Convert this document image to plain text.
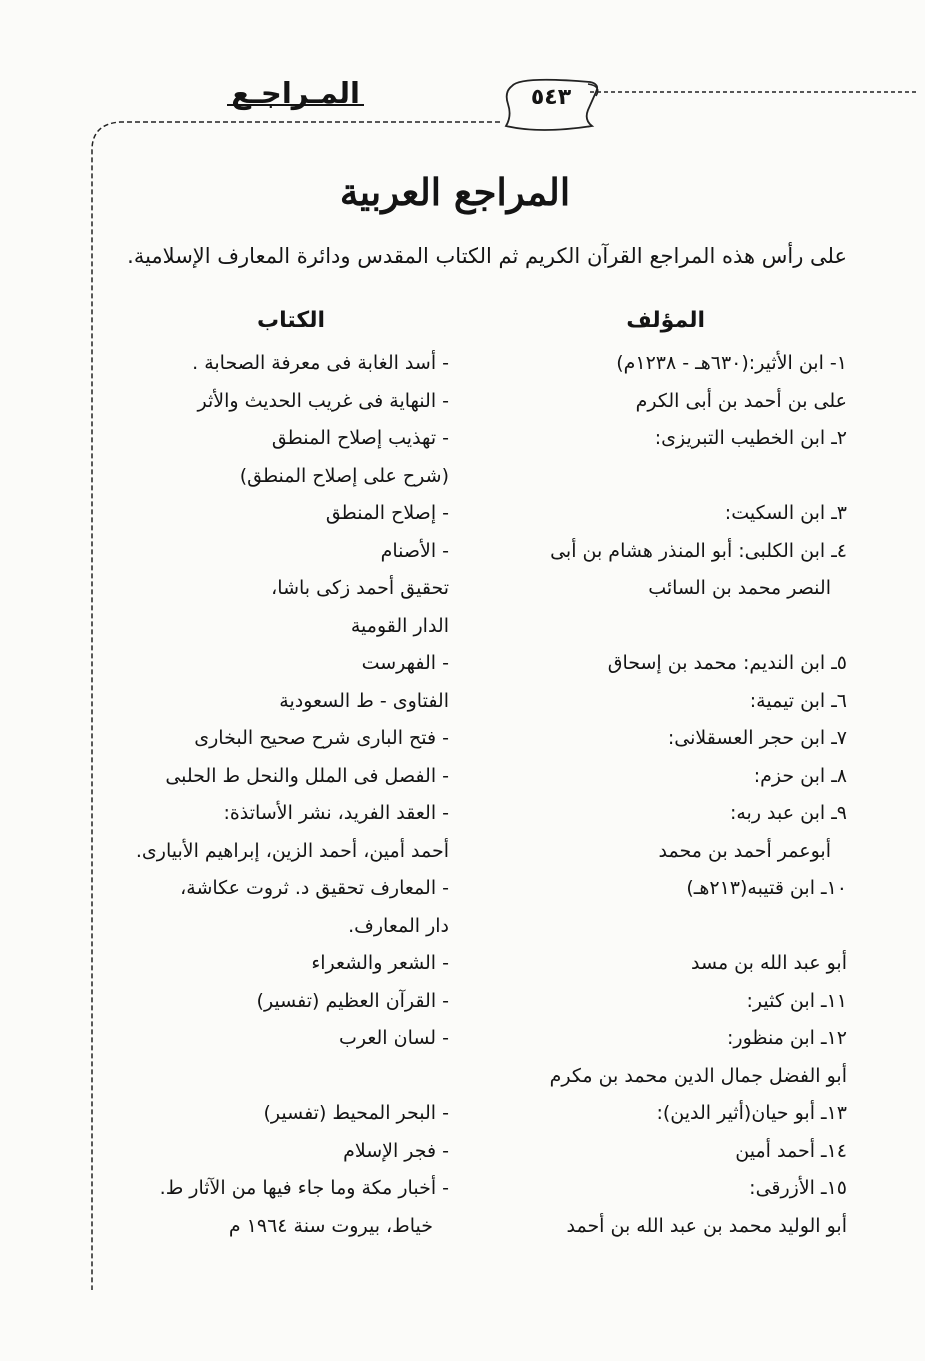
المـراجـع	٥٤٣
المراجع العربية
على رأس هذه المراجع القرآن الكريم ثم الكتاب المقدس ودائرة المعارف الإسلامية.
المؤلف
الكتاب
١- ابن الأثير:(٦٣٠هـ - ١٢٣٨م)
على بن أحمد بن أبى الكرم
٢ـ ابن الخطيب التبريزى:
٣ـ ابن السكيت:
٤ـ ابن الكلبى: أبو المنذر هشام بن أبى
النصر محمد بن السائب
٥ـ ابن النديم: محمد بن إسحاق
٦ـ ابن تيمية:
٧ـ ابن حجر العسقلانى:
٨ـ ابن حزم:
٩ـ ابن عبد ربه:
أبوعمر أحمد بن محمد
١٠ـ ابن قتيبه(٢١٣هـ)
أبو عبد الله بن مسد
١١ـ ابن كثير:
١٢ـ ابن منظور:
أبو الفضل جمال الدين محمد بن مكرم
١٣ـ أبو حيان(أثير الدين):
١٤ـ أحمد أمين
١٥ـ الأزرقى:
أبو الوليد محمد بن عبد الله بن أحمد
- أسد الغابة فى معرفة الصحابة .
- النهاية فى غريب الحديث والأثر
- تهذيب إصلاح المنطق
(شرح على إصلاح المنطق)
- إصلاح المنطق
- الأصنام
تحقيق أحمد زكى باشا،
الدار القومية
- الفهرست
الفتاوى - ط السعودية
- فتح البارى شرح صحيح البخارى
- الفصل فى الملل والنحل ط الحلبى
- العقد الفريد، نشر الأساتذة:
أحمد أمين، أحمد الزين، إبراهيم الأبيارى.
- المعارف تحقيق د. ثروت عكاشة،
دار المعارف.
- الشعر والشعراء
- القرآن العظيم (تفسير)
- لسان العرب
- البحر المحيط (تفسير)
- فجر الإسلام
- أخبار مكة وما جاء فيها من الآثار ط.
خياط، بيروت سنة ١٩٦٤ م
